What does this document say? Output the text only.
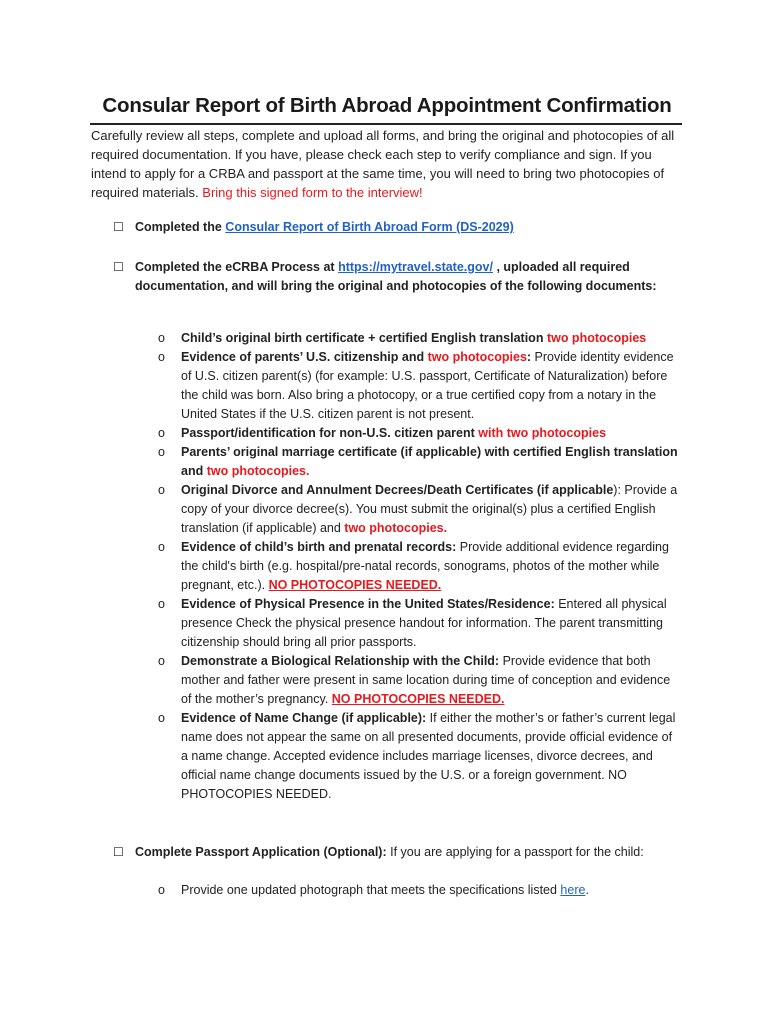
Consular Report of Birth Abroad Appointment Confirmation
Carefully review all steps, complete and upload all forms, and bring the original and photocopies of all required documentation. If you have, please check each step to verify compliance and sign. If you intend to apply for a CRBA and passport at the same time, you will need to bring two photocopies of required materials. Bring this signed form to the interview!
☐ Completed the Consular Report of Birth Abroad Form (DS-2029)
☐ Completed the eCRBA Process at https://mytravel.state.gov/ , uploaded all required documentation, and will bring the original and photocopies of the following documents:
o Child’s original birth certificate + certified English translation two photocopies
o Evidence of parents’ U.S. citizenship and two photocopies: Provide identity evidence of U.S. citizen parent(s) (for example: U.S. passport, Certificate of Naturalization) before the child was born. Also bring a photocopy, or a true certified copy from a notary in the United States if the U.S. citizen parent is not present.
o Passport/identification for non-U.S. citizen parent with two photocopies
o Parents’ original marriage certificate (if applicable) with certified English translation and two photocopies.
o Original Divorce and Annulment Decrees/Death Certificates (if applicable): Provide a copy of your divorce decree(s). You must submit the original(s) plus a certified English translation (if applicable) and two photocopies.
o Evidence of child’s birth and prenatal records: Provide additional evidence regarding the child's birth (e.g. hospital/pre-natal records, sonograms, photos of the mother while pregnant, etc.). NO PHOTOCOPIES NEEDED.
o Evidence of Physical Presence in the United States/Residence: Entered all physical presence Check the physical presence handout for information. The parent transmitting citizenship should bring all prior passports.
o Demonstrate a Biological Relationship with the Child: Provide evidence that both mother and father were present in same location during time of conception and evidence of the mother’s pregnancy. NO PHOTOCOPIES NEEDED.
o Evidence of Name Change (if applicable): If either the mother’s or father’s current legal name does not appear the same on all presented documents, provide official evidence of a name change. Accepted evidence includes marriage licenses, divorce decrees, and official name change documents issued by the U.S. or a foreign government. NO PHOTOCOPIES NEEDED.
☐ Complete Passport Application (Optional): If you are applying for a passport for the child:
o Provide one updated photograph that meets the specifications listed here.
